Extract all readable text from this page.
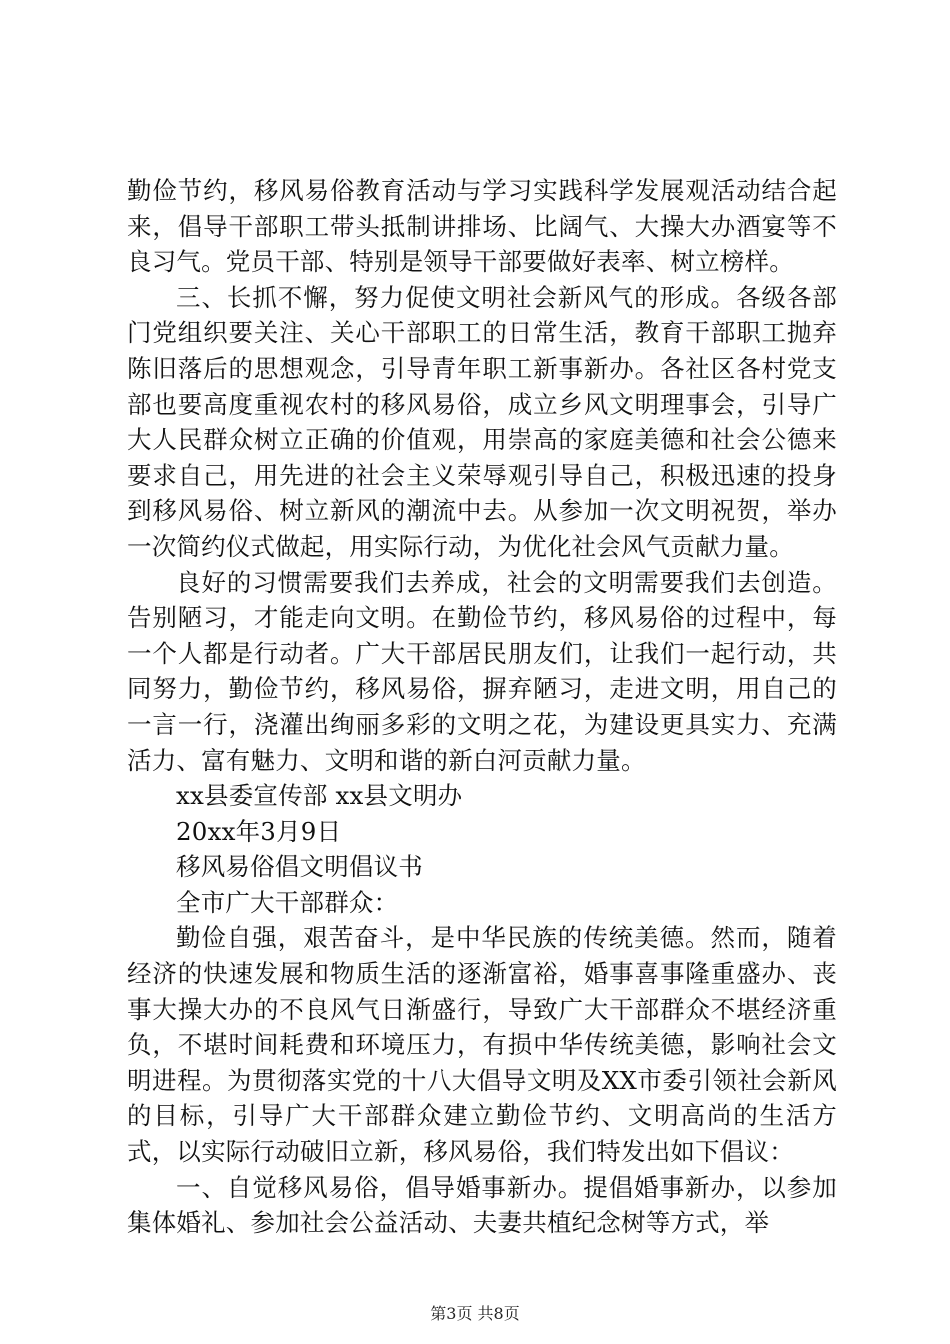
勤俭节约，移风易俗教育活动与学习实践科学发展观活动结合起来，倡导干部职工带头抵制讲排场、比阔气、大操大办酒宴等不良习气。党员干部、特别是领导干部要做好表率、树立榜样。

三、长抓不懈，努力促使文明社会新风气的形成。各级各部门党组织要关注、关心干部职工的日常生活，教育干部职工抛弃陈旧落后的思想观念，引导青年职工新事新办。各社区各村党支部也要高度重视农村的移风易俗，成立乡风文明理事会，引导广大人民群众树立正确的价值观，用崇高的家庭美德和社会公德来要求自己，用先进的社会主义荣辱观引导自己，积极迅速的投身到移风易俗、树立新风的潮流中去。从参加一次文明祝贺，举办一次简约仪式做起，用实际行动，为优化社会风气贡献力量。

良好的习惯需要我们去养成，社会的文明需要我们去创造。告别陋习，才能走向文明。在勤俭节约，移风易俗的过程中，每一个人都是行动者。广大干部居民朋友们，让我们一起行动，共同努力，勤俭节约，移风易俗，摒弃陋习，走进文明，用自己的一言一行，浇灌出绚丽多彩的文明之花，为建设更具实力、充满活力、富有魅力、文明和谐的新白河贡献力量。

xx县委宣传部 xx县文明办

20xx年3月9日

移风易俗倡文明倡议书

全市广大干部群众：

勤俭自强，艰苦奋斗，是中华民族的传统美德。然而，随着经济的快速发展和物质生活的逐渐富裕，婚事喜事隆重盛办、丧事大操大办的不良风气日渐盛行，导致广大干部群众不堪经济重负，不堪时间耗费和环境压力，有损中华传统美德，影响社会文明进程。为贯彻落实党的十八大倡导文明及XX市委引领社会新风的目标，引导广大干部群众建立勤俭节约、文明高尚的生活方式，以实际行动破旧立新，移风易俗，我们特发出如下倡议：

一、自觉移风易俗，倡导婚事新办。提倡婚事新办，以参加集体婚礼、参加社会公益活动、夫妻共植纪念树等方式，举

第3页 共8页
